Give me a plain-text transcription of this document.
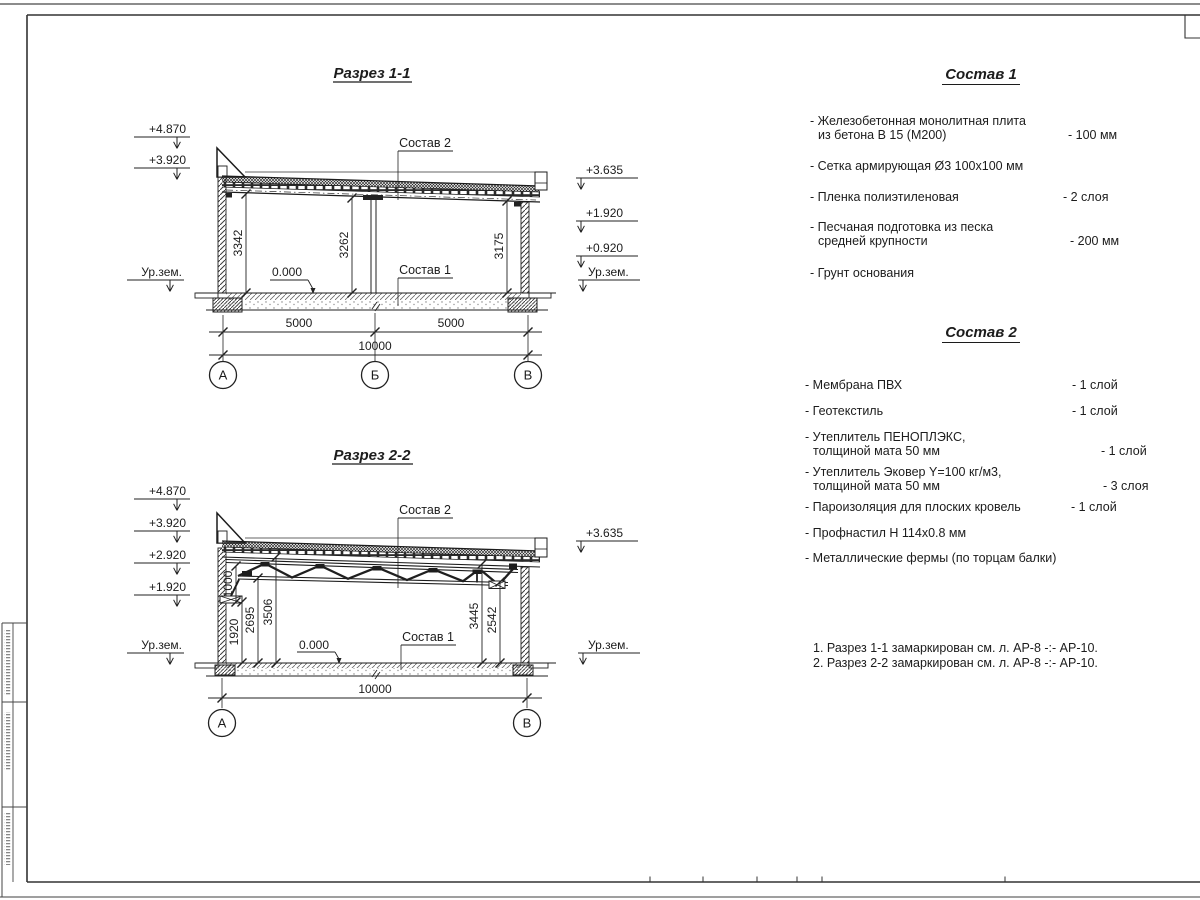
Разрез 1-1
3342	3262	3175
5000	5000
10000
А	Б	В
+4.870
+3.920
Ур.зем.
+3.635
+1.920
+0.920
Ур.зем.
0.000
Состав 2
Состав 1
Разрез 2-2
1000
1920 2695 3506	3445 2542
10000
А	В
+4.870
+3.920
+2.920
+1.920
Ур.зем.
+3.635
Ур.зем.
0.000
Состав 2
Состав 1
Состав 1
- Железобетонная монолитная плита
из бетона В 15 (М200)	- 100 мм
- Сетка армирующая Ø3 100x100 мм
- Пленка полиэтиленовая	- 2 слоя
- Песчаная подготовка из песка
средней крупности	- 200 мм
- Грунт основания
Состав 2
- Мембрана ПВХ	- 1 слой
- Геотекстиль	- 1 слой
- Утеплитель ПЕНОПЛЭКС,
толщиной мата 50 мм	- 1 слой
- Утеплитель Эковер Y=100 кг/м3,
толщиной мата 50 мм	- 3 слоя
- Пароизоляция для плоских кровель	- 1 слой
- Профнастил Н 114x0.8 мм
- Металлические фермы (по торцам балки)
1. Разрез 1-1 замаркирован см. л. АР-8 -:- АР-10.
2. Разрез 2-2 замаркирован см. л. АР-8 -:- АР-10.
